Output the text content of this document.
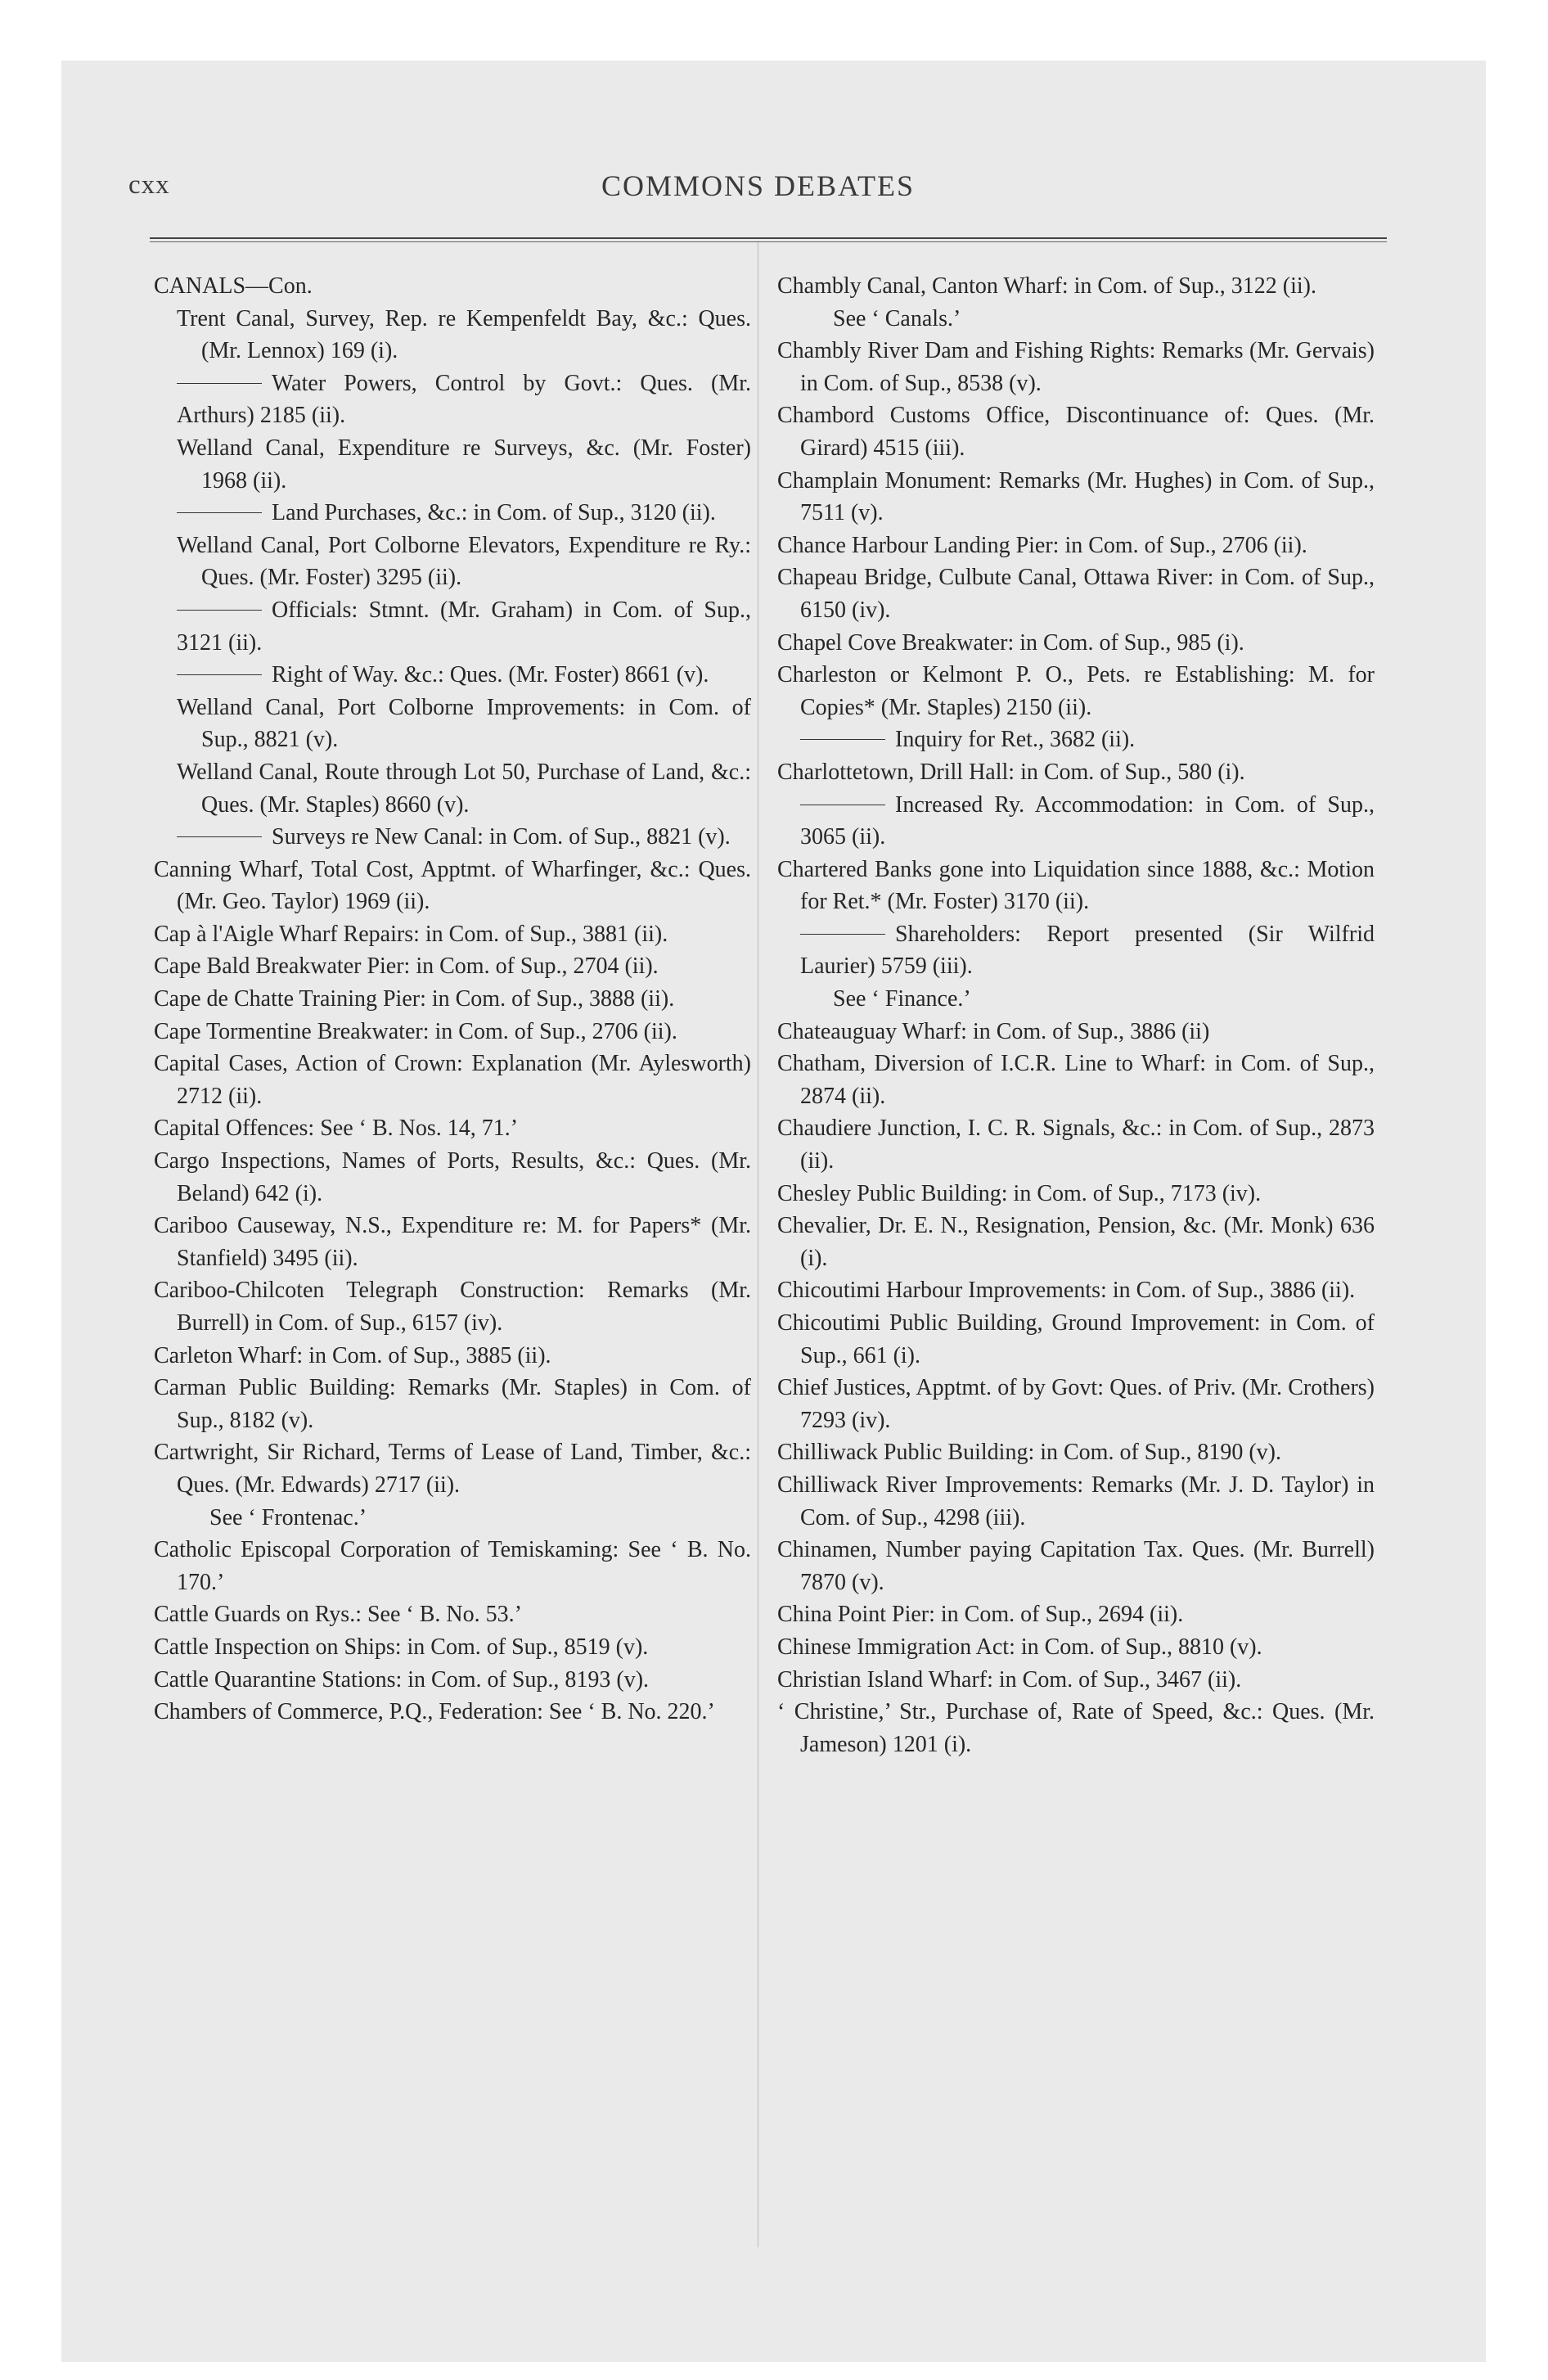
cxx	COMMONS DEBATES

CANALS—Con.

Trent Canal, Survey, Rep. re Kempenfeldt Bay, &c.: Ques. (Mr. Lennox) 169 (i).

Water Powers, Control by Govt.: Ques. (Mr. Arthurs) 2185 (ii).

Welland Canal, Expenditure re Surveys, &c. (Mr. Foster) 1968 (ii).

Land Purchases, &c.: in Com. of Sup., 3120 (ii).

Welland Canal, Port Colborne Elevators, Expenditure re Ry.: Ques. (Mr. Foster) 3295 (ii).

Officials: Stmnt. (Mr. Graham) in Com. of Sup., 3121 (ii).

Right of Way. &c.: Ques. (Mr. Foster) 8661 (v).

Welland Canal, Port Colborne Improvements: in Com. of Sup., 8821 (v).

Welland Canal, Route through Lot 50, Purchase of Land, &c.: Ques. (Mr. Staples) 8660 (v).

Surveys re New Canal: in Com. of Sup., 8821 (v).

Canning Wharf, Total Cost, Apptmt. of Wharfinger, &c.: Ques. (Mr. Geo. Taylor) 1969 (ii).

Cap à l'Aigle Wharf Repairs: in Com. of Sup., 3881 (ii).

Cape Bald Breakwater Pier: in Com. of Sup., 2704 (ii).

Cape de Chatte Training Pier: in Com. of Sup., 3888 (ii).

Cape Tormentine Breakwater: in Com. of Sup., 2706 (ii).

Capital Cases, Action of Crown: Explanation (Mr. Aylesworth) 2712 (ii).

Capital Offences: See ‘ B. Nos. 14, 71.’

Cargo Inspections, Names of Ports, Results, &c.: Ques. (Mr. Beland) 642 (i).

Cariboo Causeway, N.S., Expenditure re: M. for Papers* (Mr. Stanfield) 3495 (ii).

Cariboo-Chilcoten Telegraph Construction: Remarks (Mr. Burrell) in Com. of Sup., 6157 (iv).

Carleton Wharf: in Com. of Sup., 3885 (ii).

Carman Public Building: Remarks (Mr. Staples) in Com. of Sup., 8182 (v).

Cartwright, Sir Richard, Terms of Lease of Land, Timber, &c.: Ques. (Mr. Edwards) 2717 (ii).

See ‘ Frontenac.’

Catholic Episcopal Corporation of Temiskaming: See ‘ B. No. 170.’

Cattle Guards on Rys.: See ‘ B. No. 53.’

Cattle Inspection on Ships: in Com. of Sup., 8519 (v).

Cattle Quarantine Stations: in Com. of Sup., 8193 (v).

Chambers of Commerce, P.Q., Federation: See ‘ B. No. 220.’

Chambly Canal, Canton Wharf: in Com. of Sup., 3122 (ii).

See ‘ Canals.’

Chambly River Dam and Fishing Rights: Remarks (Mr. Gervais) in Com. of Sup., 8538 (v).

Chambord Customs Office, Discontinuance of: Ques. (Mr. Girard) 4515 (iii).

Champlain Monument: Remarks (Mr. Hughes) in Com. of Sup., 7511 (v).

Chance Harbour Landing Pier: in Com. of Sup., 2706 (ii).

Chapeau Bridge, Culbute Canal, Ottawa River: in Com. of Sup., 6150 (iv).

Chapel Cove Breakwater: in Com. of Sup., 985 (i).

Charleston or Kelmont P. O., Pets. re Establishing: M. for Copies* (Mr. Staples) 2150 (ii).

Inquiry for Ret., 3682 (ii).

Charlottetown, Drill Hall: in Com. of Sup., 580 (i).

Increased Ry. Accommodation: in Com. of Sup., 3065 (ii).

Chartered Banks gone into Liquidation since 1888, &c.: Motion for Ret.* (Mr. Foster) 3170 (ii).

Shareholders: Report presented (Sir Wilfrid Laurier) 5759 (iii).

See ‘ Finance.’

Chateauguay Wharf: in Com. of Sup., 3886 (ii)

Chatham, Diversion of I.C.R. Line to Wharf: in Com. of Sup., 2874 (ii).

Chaudiere Junction, I. C. R. Signals, &c.: in Com. of Sup., 2873 (ii).

Chesley Public Building: in Com. of Sup., 7173 (iv).

Chevalier, Dr. E. N., Resignation, Pension, &c. (Mr. Monk) 636 (i).

Chicoutimi Harbour Improvements: in Com. of Sup., 3886 (ii).

Chicoutimi Public Building, Ground Improvement: in Com. of Sup., 661 (i).

Chief Justices, Apptmt. of by Govt: Ques. of Priv. (Mr. Crothers) 7293 (iv).

Chilliwack Public Building: in Com. of Sup., 8190 (v).

Chilliwack River Improvements: Remarks (Mr. J. D. Taylor) in Com. of Sup., 4298 (iii).

Chinamen, Number paying Capitation Tax. Ques. (Mr. Burrell) 7870 (v).

China Point Pier: in Com. of Sup., 2694 (ii).

Chinese Immigration Act: in Com. of Sup., 8810 (v).

Christian Island Wharf: in Com. of Sup., 3467 (ii).

‘ Christine,’ Str., Purchase of, Rate of Speed, &c.: Ques. (Mr. Jameson) 1201 (i).
